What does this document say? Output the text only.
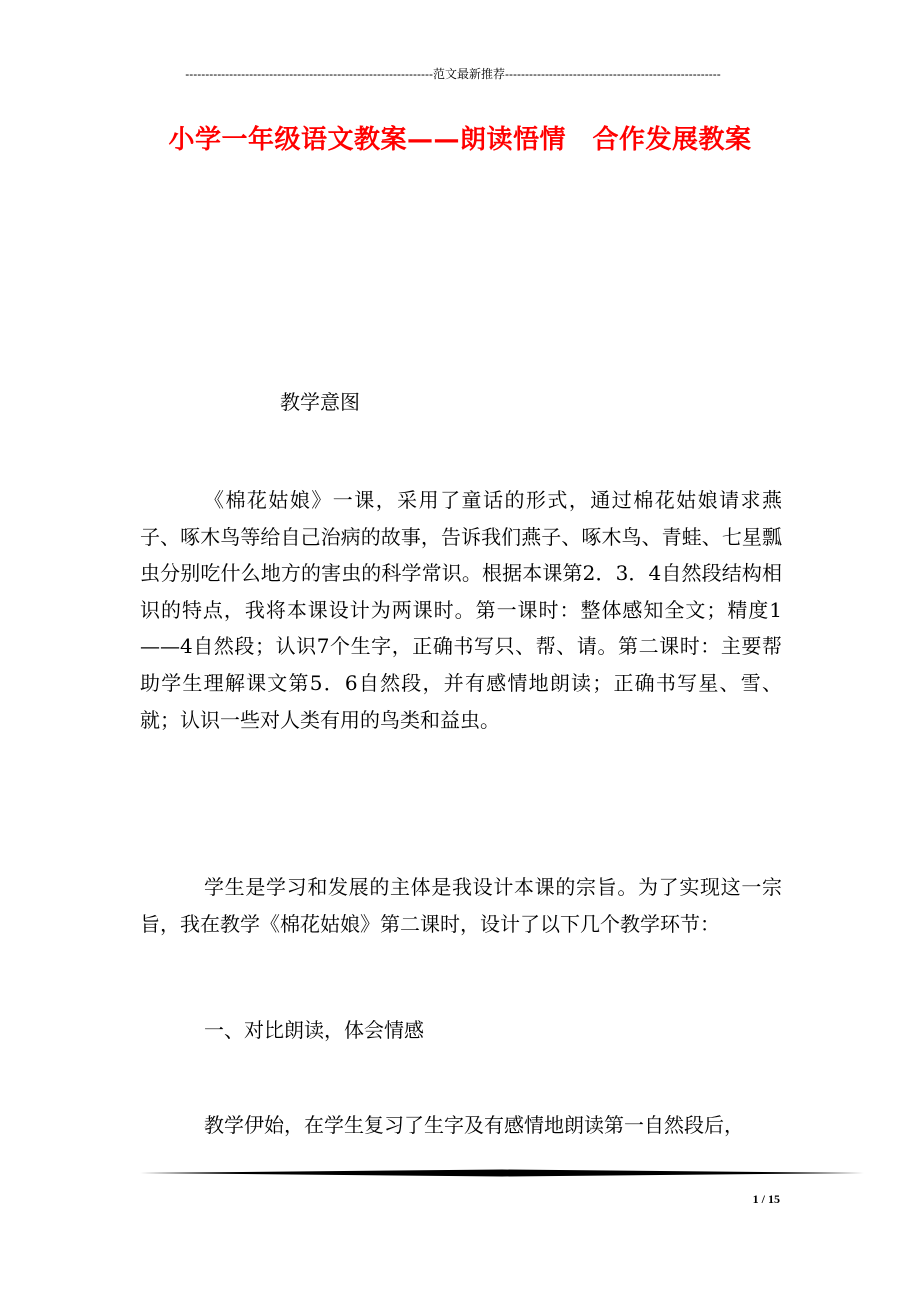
--------------------------------------------------------------范文最新推荐------------------------------------------------------
小学一年级语文教案——朗读悟情　合作发展教案
教学意图

《棉花姑娘》一课，采用了童话的形式，通过棉花姑娘请求燕子、啄木鸟等给自己治病的故事，告诉我们燕子、啄木鸟、青蛙、七星瓢虫分别吃什么地方的害虫的科学常识。根据本课第2．3．4自然段结构相识的特点，我将本课设计为两课时。第一课时：整体感知全文；精度1——4自然段；认识7个生字，正确书写只、帮、请。第二课时：主要帮助学生理解课文第5．6自然段，并有感情地朗读；正确书写星、雪、就；认识一些对人类有用的鸟类和益虫。

学生是学习和发展的主体是我设计本课的宗旨。为了实现这一宗旨，我在教学《棉花姑娘》第二课时，设计了以下几个教学环节：

一、对比朗读，体会情感

教学伊始，在学生复习了生字及有感情地朗读第一自然段后，

1 / 15
